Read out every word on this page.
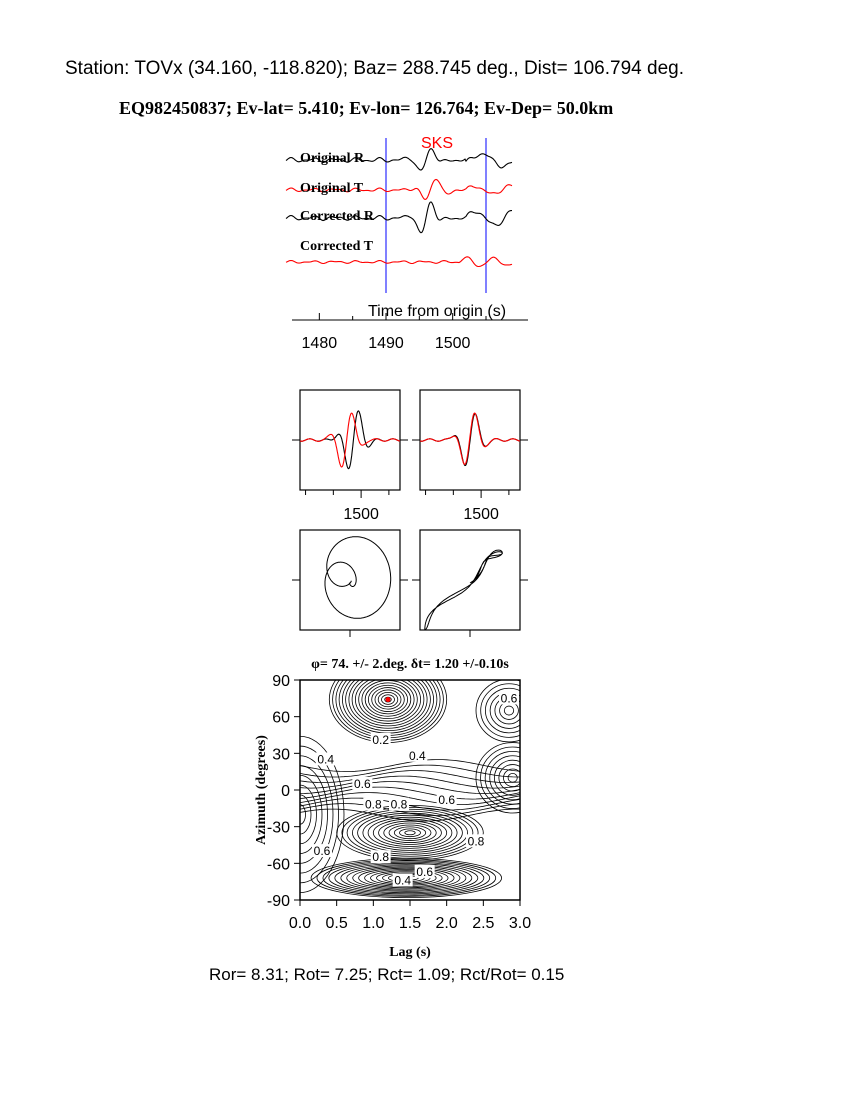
Station: TOVx (34.160, -118.820); Baz= 288.745 deg., Dist= 106.794 deg.
EQ982450837; Ev-lat= 5.410; Ev-lon= 126.764; Ev-Dep= 50.0km
SKS
Original R
Original T
Corrected R
Corrected T
Time from origin (s)
1480 1490 1500
1500	1500
φ= 74. +/- 2.deg. δt= 1.20 +/-0.10s
0.6
0.2
0.4	0.4
0.6
0.8 0.8	0.6
0.6
0.8
0.8
0.6
0.4
0.0 0.5 1.0 1.5 2.0 2.5 3.0
90
60
30
0
-30
-60
-90
Azimuth (degrees)
Lag (s)
Ror= 8.31; Rot= 7.25; Rct= 1.09; Rct/Rot= 0.15
